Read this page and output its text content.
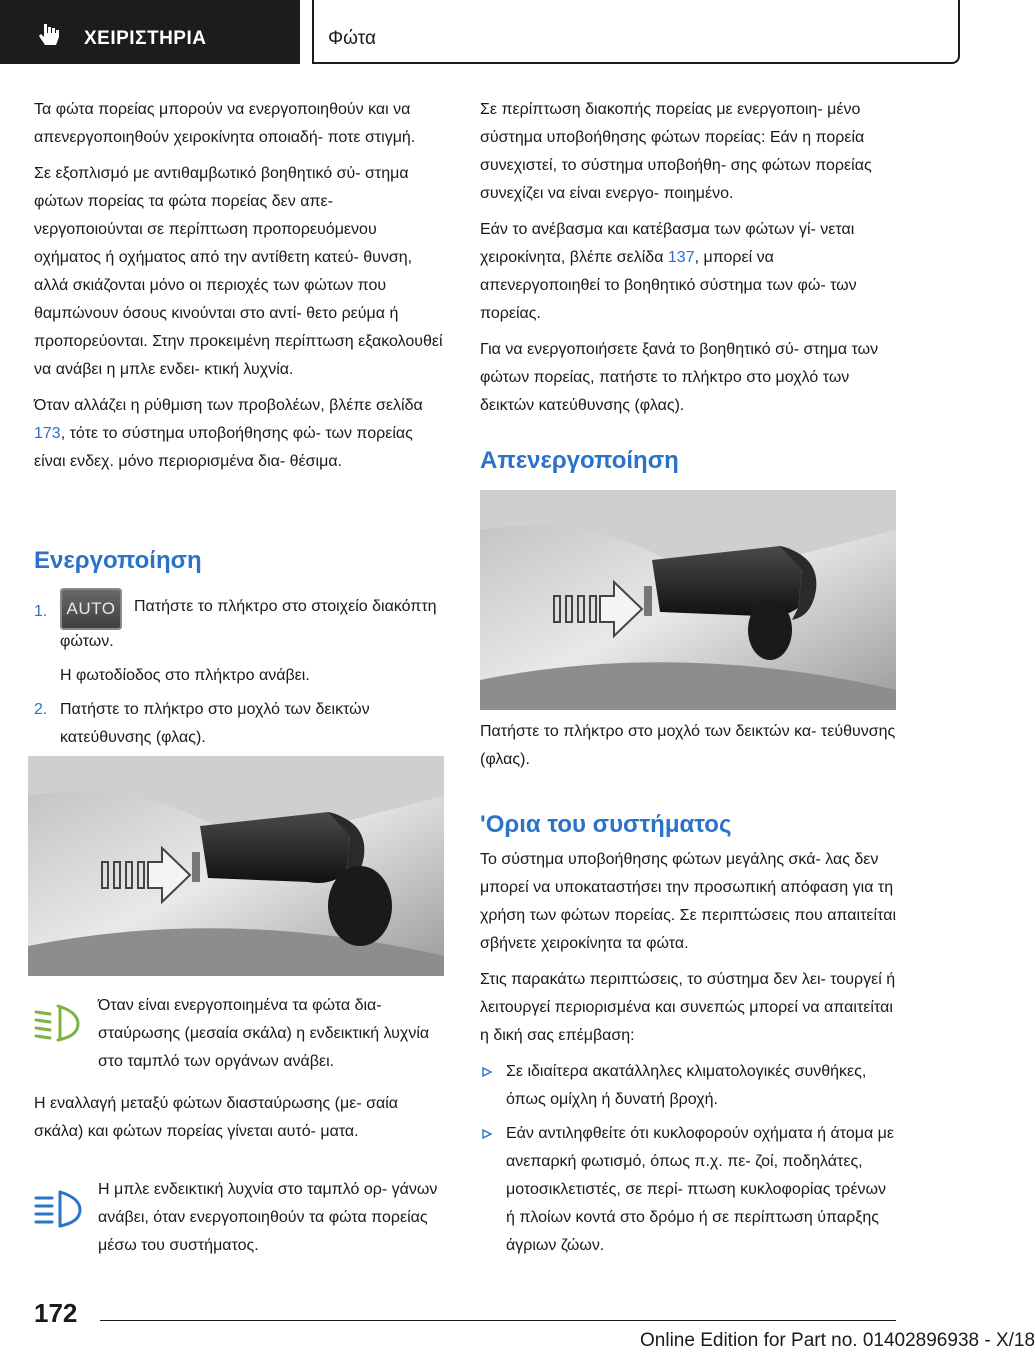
ΧΕΙΡΙΣΤΗΡΙΑ	Φώτα

Τα φώτα πορείας μπορούν να ενεργοποιηθούν και να απενεργοποιηθούν χειροκίνητα οποιαδή‐ ποτε στιγμή.

Σε εξοπλισμό με αντιθαμβωτικό βοηθητικό σύ‐ στημα φώτων πορείας τα φώτα πορείας δεν απε‐ νεργοποιούνται σε περίπτωση προπορευόμενου οχήματος ή οχήματος από την αντίθετη κατεύ‐ θυνση, αλλά σκιάζονται μόνο οι περιοχές των φώτων που θαμπώνουν όσους κινούνται στο αντί‐ θετο ρεύμα ή προπορεύονται. Στην προκειμένη περίπτωση εξακολουθεί να ανάβει η μπλε ενδει‐ κτική λυχνία.

Όταν αλλάζει η ρύθμιση των προβολέων, βλέπε σελίδα 173, τότε το σύστημα υποβοήθησης φώ‐ των πορείας είναι ενδεχ. μόνο περιορισμένα δια‐ θέσιμα.

Ενεργοποίηση
1. AUTO Πατήστε το πλήκτρο στο στοιχείο διακόπτη φώτων.
Η φωτοδίοδος στο πλήκτρο ανάβει.
2. Πατήστε το πλήκτρο στο μοχλό των δεικτών κατεύθυνσης (φλας).
Όταν είναι ενεργοποιημένα τα φώτα δια‐ σταύρωσης (μεσαία σκάλα) η ενδεικτική λυχνία στο ταμπλό των οργάνων ανάβει.

Η εναλλαγή μεταξύ φώτων διασταύρωσης (με‐ σαία σκάλα) και φώτων πορείας γίνεται αυτό‐ ματα.

Η μπλε ενδεικτική λυχνία στο ταμπλό ορ‐ γάνων ανάβει, όταν ενεργοποιηθούν τα φώτα πορείας μέσω του συστήματος.

Σε περίπτωση διακοπής πορείας με ενεργοποιη‐ μένο σύστημα υποβοήθησης φώτων πορείας: Εάν η πορεία συνεχιστεί, το σύστημα υποβοήθη‐ σης φώτων πορείας συνεχίζει να είναι ενεργο‐ ποιημένο.

Εάν το ανέβασμα και κατέβασμα των φώτων γί‐ νεται χειροκίνητα, βλέπε σελίδα 137, μπορεί να απενεργοποιηθεί το βοηθητικό σύστημα των φώ‐ των πορείας.

Για να ενεργοποιήσετε ξανά το βοηθητικό σύ‐ στημα των φώτων πορείας, πατήστε το πλήκτρο στο μοχλό των δεικτών κατεύθυνσης (φλας).

Απενεργοποίηση

Πατήστε το πλήκτρο στο μοχλό των δεικτών κα‐ τεύθυνσης (φλας).

'Ορια του συστήματος

Το σύστημα υποβοήθησης φώτων μεγάλης σκά‐ λας δεν μπορεί να υποκαταστήσει την προσωπική απόφαση για τη χρήση των φώτων πορείας. Σε περιπτώσεις που απαιτείται σβήνετε χειροκίνητα τα φώτα.

Στις παρακάτω περιπτώσεις, το σύστημα δεν λει‐ τουργεί ή λειτουργεί περιορισμένα και συνεπώς μπορεί να απαιτείται η δική σας επέμβαση:

Σε ιδιαίτερα ακατάλληλες κλιματολογικές συνθήκες, όπως ομίχλη ή δυνατή βροχή.
Εάν αντιληφθείτε ότι κυκλοφορούν οχήματα ή άτομα με ανεπαρκή φωτισμό, όπως π.χ. πε‐ ζοί, ποδηλάτες, μοτοσικλετιστές, σε περί‐ πτωση κυκλοφορίας τρένων ή πλοίων κοντά στο δρόμο ή σε περίπτωση ύπαρξης άγριων ζώων.
172
Online Edition for Part no. 01402896938 - X/18
